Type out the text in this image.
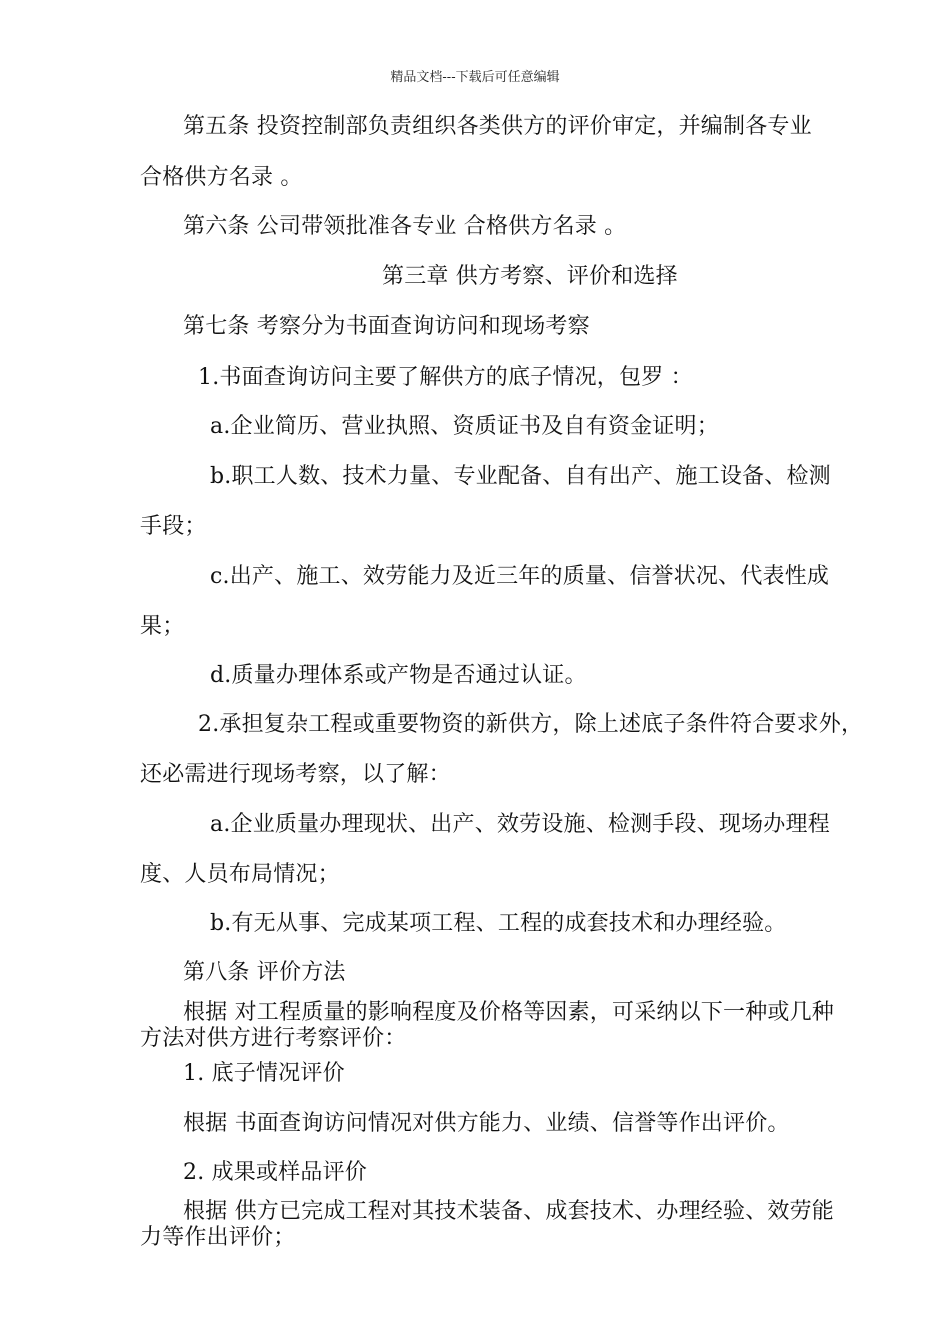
精品文档---下载后可任意编辑
第五条 投资控制部负责组织各类供方的评价审定，并编制各专业
合格供方名录 。
第六条 公司带领批准各专业 合格供方名录 。
第三章 供方考察、评价和选择
第七条 考察分为书面查询访问和现场考察
1.书面查询访问主要了解供方的底子情况，包罗 ：
a.企业简历、营业执照、资质证书及自有资金证明；
b.职工人数、技术力量、专业配备、自有出产、施工设备、检测
手段；
c.出产、施工、效劳能力及近三年的质量、信誉状况、代表性成
果；
d.质量办理体系或产物是否通过认证。
2.承担复杂工程或重要物资的新供方，除上述底子条件符合要求外，
还必需进行现场考察，以了解：
a.企业质量办理现状、出产、效劳设施、检测手段、现场办理程
度、人员布局情况；
b.有无从事、完成某项工程、工程的成套技术和办理经验。
第八条 评价方法
根据 对工程质量的影响程度及价格等因素，可采纳以下一种或几种
方法对供方进行考察评价：
1. 底子情况评价
根据 书面查询访问情况对供方能力、业绩、信誉等作出评价。
2. 成果或样品评价
根据 供方已完成工程对其技术装备、成套技术、办理经验、效劳能
力等作出评价；
